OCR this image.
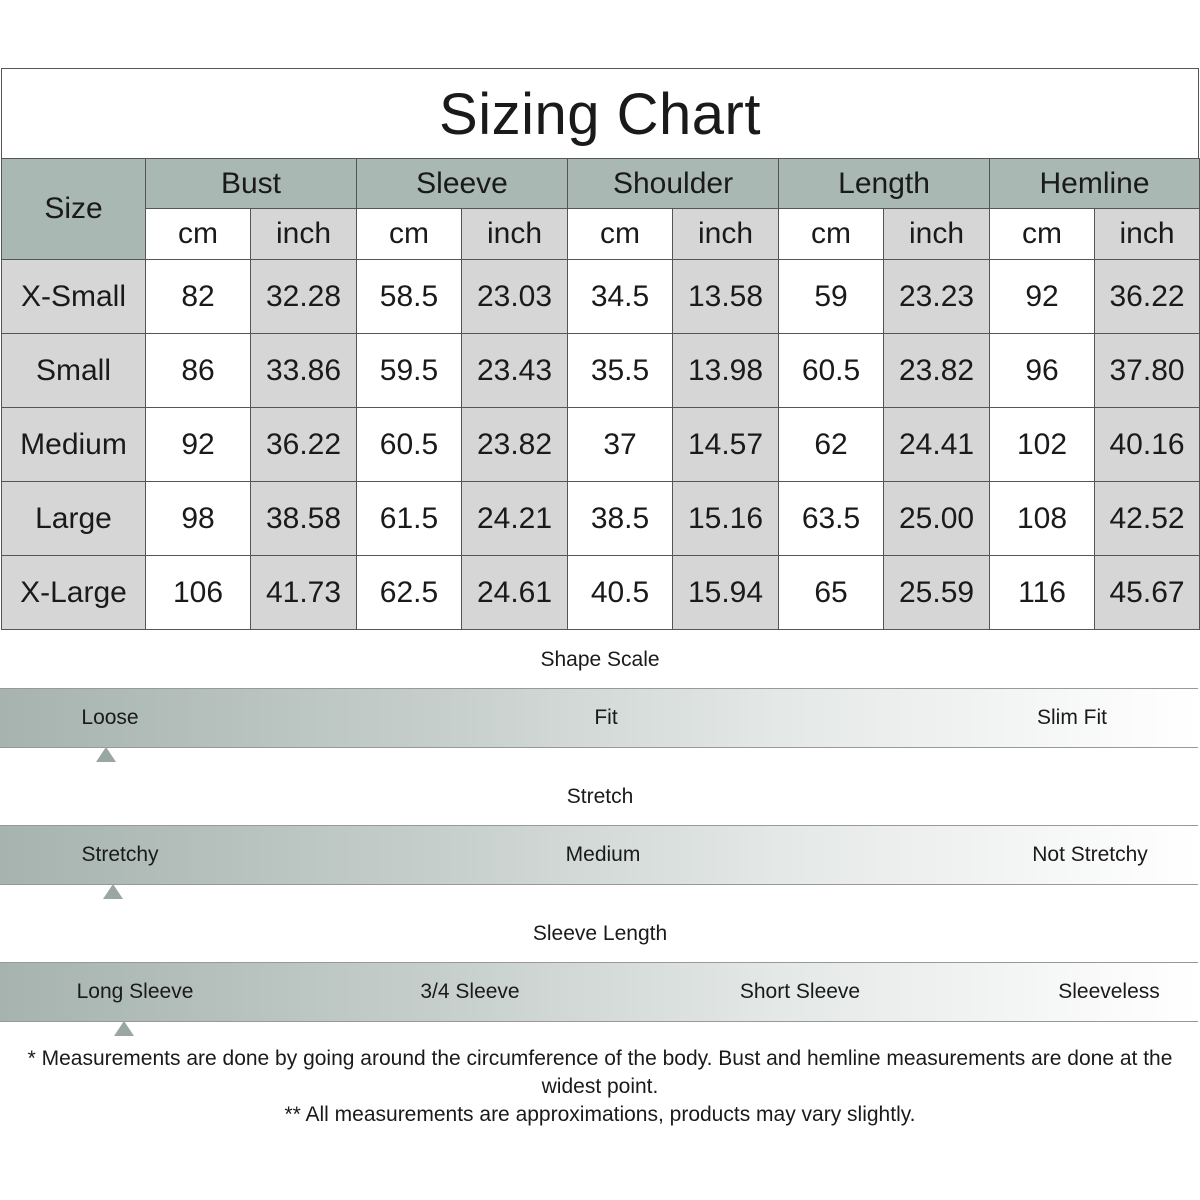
Sizing Chart
Size	Bust		Sleeve		Shoulder		Length		Hemline	
	cm	inch	cm	inch	cm	inch	cm	inch	cm	inch
X-Small	82	32.28	58.5	23.03	34.5	13.58	59	23.23	92	36.22
Small	86	33.86	59.5	23.43	35.5	13.98	60.5	23.82	96	37.80
Medium	92	36.22	60.5	23.82	37	14.57	62	24.41	102	40.16
Large	98	38.58	61.5	24.21	38.5	15.16	63.5	25.00	108	42.52
X-Large	106	41.73	62.5	24.61	40.5	15.94	65	25.59	116	45.67
Shape Scale
Loose	Fit	Slim Fit
Stretch
Stretchy	Medium	Not Stretchy
Sleeve Length
Long Sleeve	3/4 Sleeve	Short Sleeve	Sleeveless

* Measurements are done by going around the circumference of the body. Bust and hemline measurements are done at the widest point.

** All measurements are approximations, products may vary slightly.
